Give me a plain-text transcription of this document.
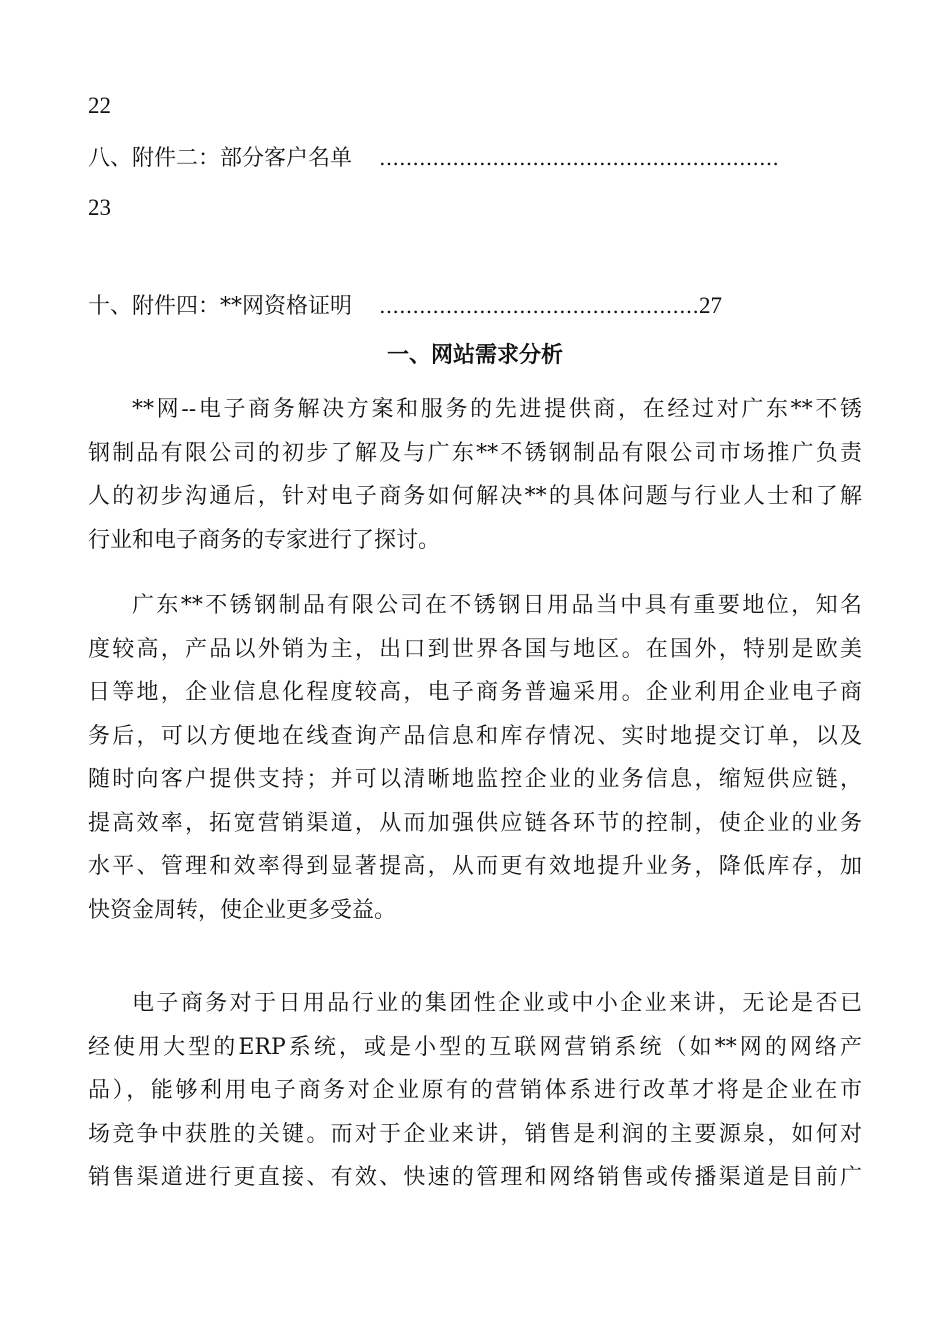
22
八、附件二：部分客户名单 ……………………………………………………
23
十、附件四：**网资格证明 …………………………………………27
一、网站需求分析
**网--电子商务解决方案和服务的先进提供商，在经过对广东**不锈
钢制品有限公司的初步了解及与广东**不锈钢制品有限公司市场推广负责
人的初步沟通后，针对电子商务如何解决**的具体问题与行业人士和了解
行业和电子商务的专家进行了探讨。
广东**不锈钢制品有限公司在不锈钢日用品当中具有重要地位，知名
度较高，产品以外销为主，出口到世界各国与地区。在国外，特别是欧美
日等地，企业信息化程度较高，电子商务普遍采用。企业利用企业电子商
务后，可以方便地在线查询产品信息和库存情况、实时地提交订单，以及
随时向客户提供支持；并可以清晰地监控企业的业务信息，缩短供应链，
提高效率，拓宽营销渠道，从而加强供应链各环节的控制，使企业的业务
水平、管理和效率得到显著提高，从而更有效地提升业务，降低库存，加
快资金周转，使企业更多受益。
电子商务对于日用品行业的集团性企业或中小企业来讲，无论是否已
经使用大型的ERP系统，或是小型的互联网营销系统（如**网的网络产
品），能够利用电子商务对企业原有的营销体系进行改革才将是企业在市
场竞争中获胜的关键。而对于企业来讲，销售是利润的主要源泉，如何对
销售渠道进行更直接、有效、快速的管理和网络销售或传播渠道是目前广
